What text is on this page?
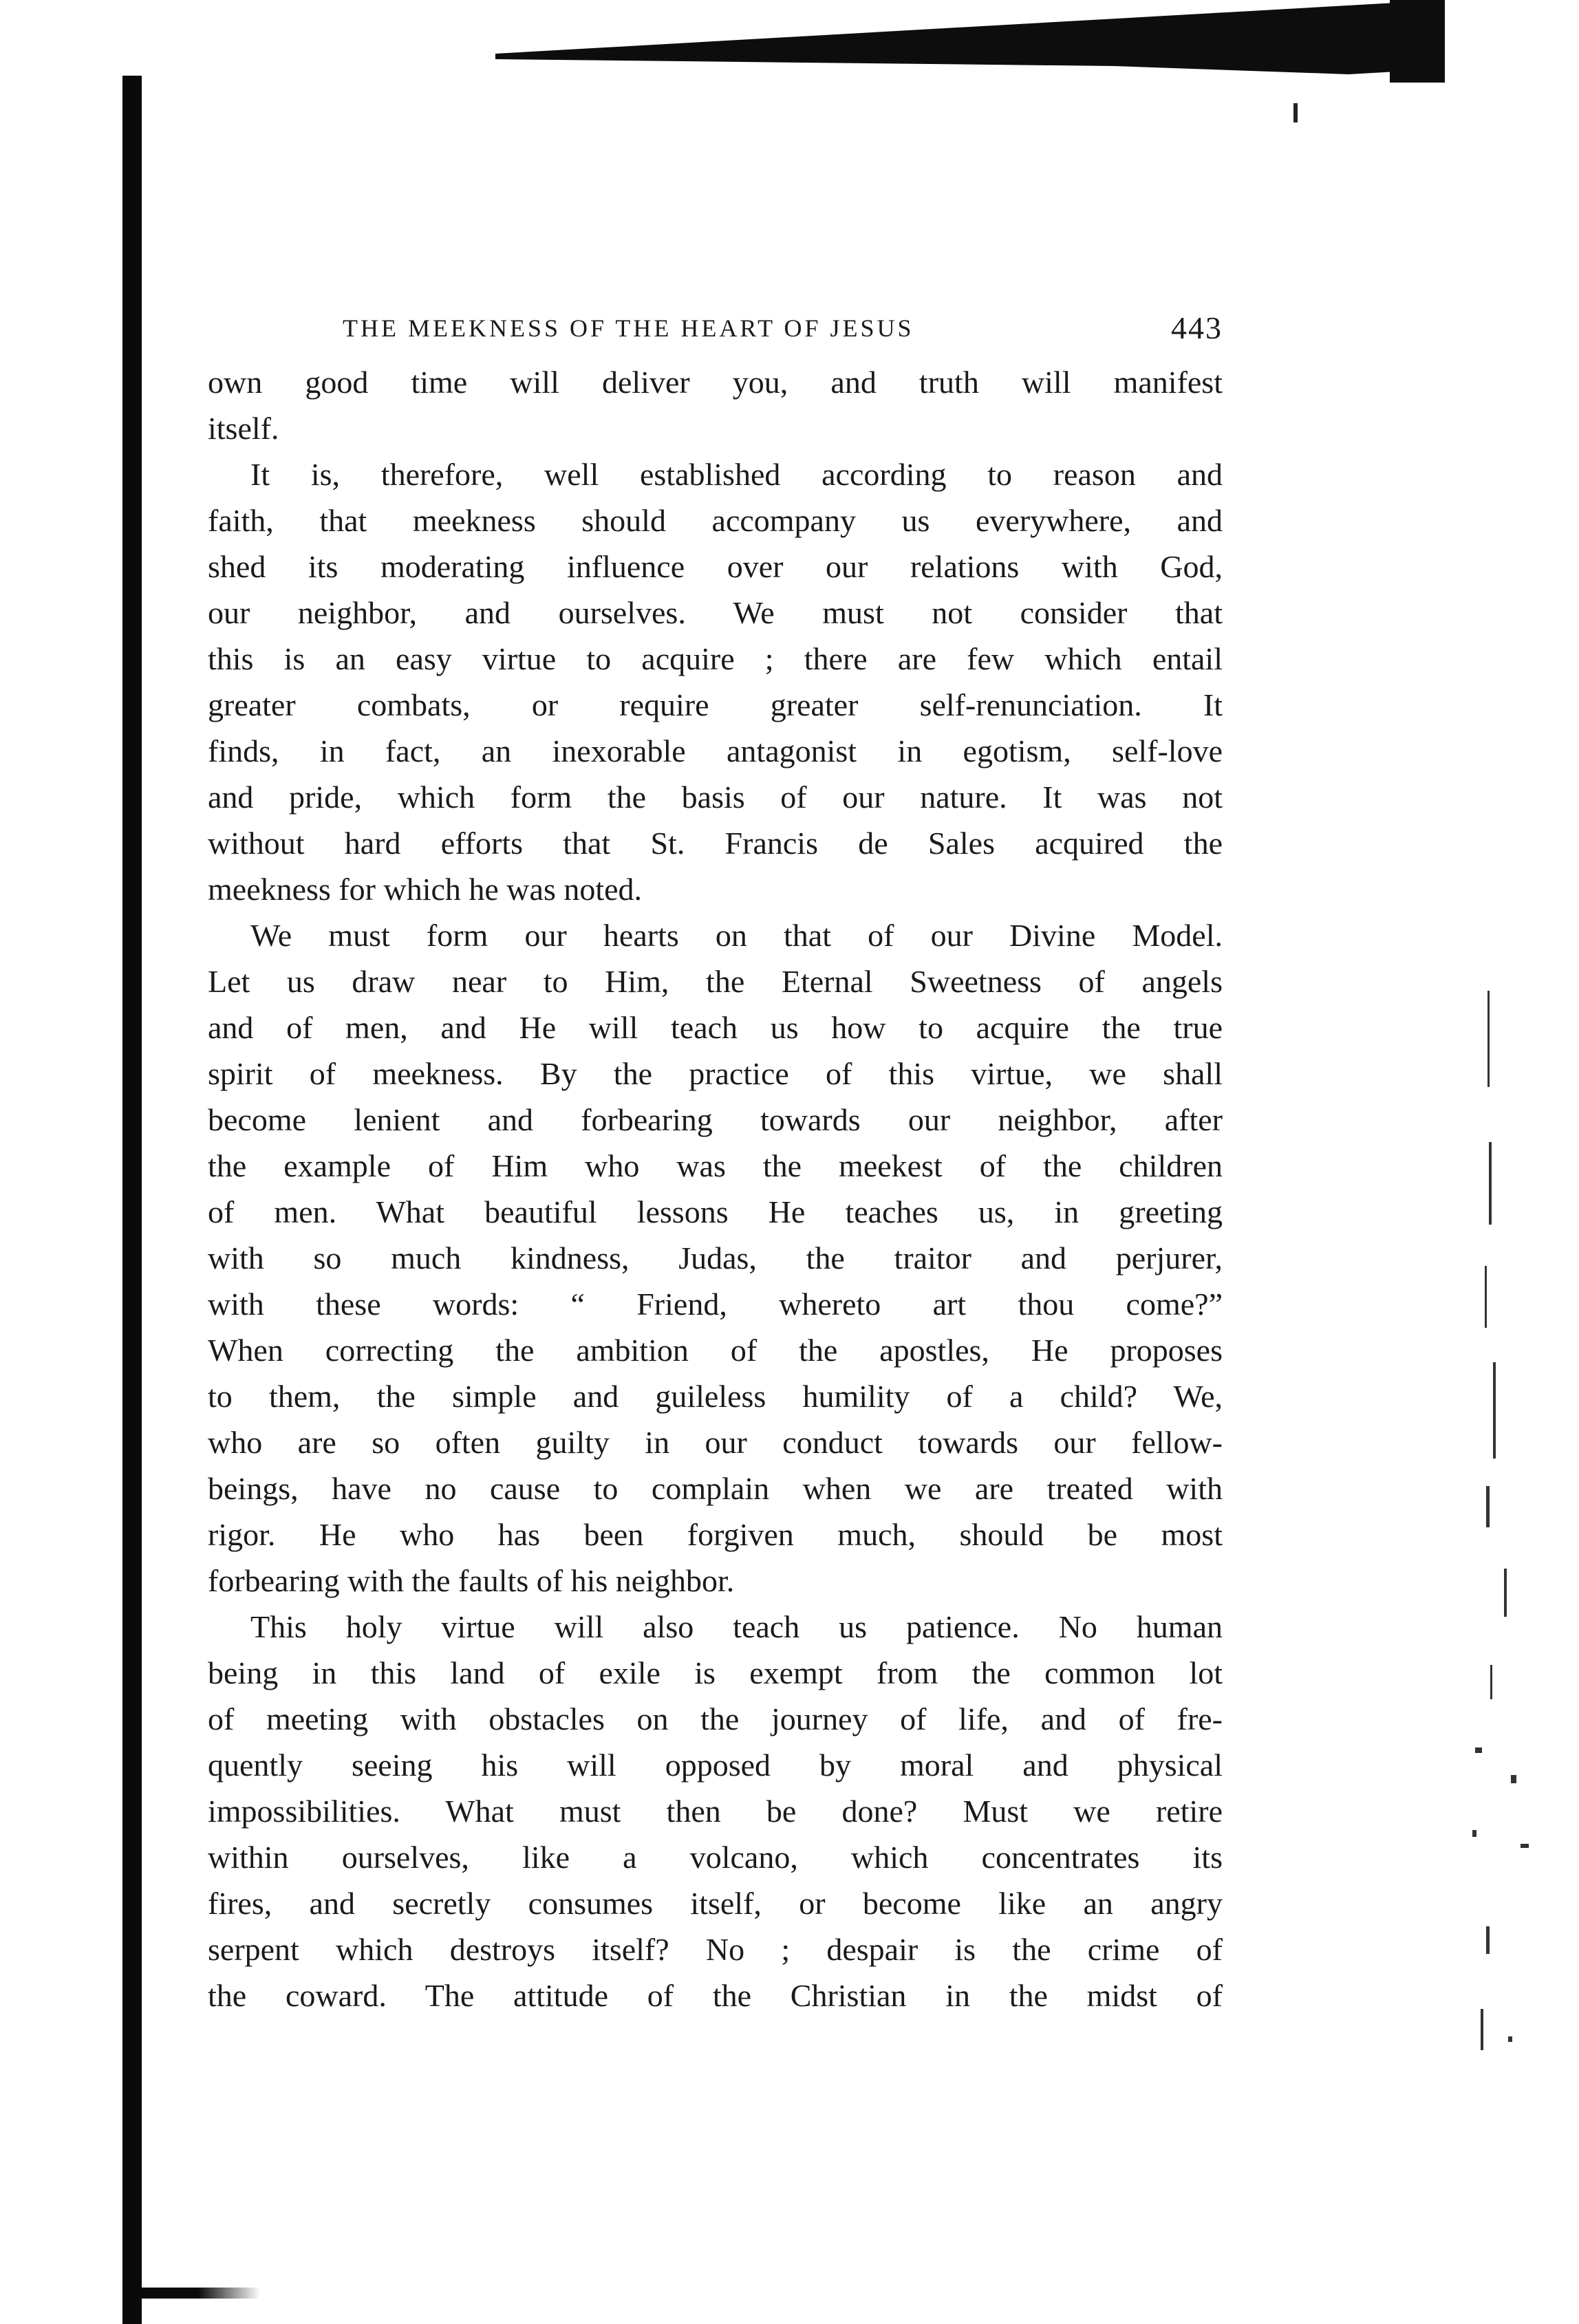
THE MEEKNESS OF THE HEART OF JESUS	443
own good time will deliver you, and truth will manifest
itself.
It is, therefore, well established according to reason and
faith, that meekness should accompany us everywhere, and
shed its moderating influence over our relations with God,
our neighbor, and ourselves. We must not consider that
this is an easy virtue to acquire ; there are few which entail
greater combats, or require greater self-renunciation. It
finds, in fact, an inexorable antagonist in egotism, self-love
and pride, which form the basis of our nature. It was not
without hard efforts that St. Francis de Sales acquired the
meekness for which he was noted.
We must form our hearts on that of our Divine Model.
Let us draw near to Him, the Eternal Sweetness of angels
and of men, and He will teach us how to acquire the true
spirit of meekness. By the practice of this virtue, we shall
become lenient and forbearing towards our neighbor, after
the example of Him who was the meekest of the children
of men. What beautiful lessons He teaches us, in greeting
with so much kindness, Judas, the traitor and perjurer,
with these words: “ Friend, whereto art thou come?”
When correcting the ambition of the apostles, He proposes
to them, the simple and guileless humility of a child? We,
who are so often guilty in our conduct towards our fellow-
beings, have no cause to complain when we are treated with
rigor. He who has been forgiven much, should be most
forbearing with the faults of his neighbor.
This holy virtue will also teach us patience. No human
being in this land of exile is exempt from the common lot
of meeting with obstacles on the journey of life, and of fre-
quently seeing his will opposed by moral and physical
impossibilities. What must then be done? Must we retire
within ourselves, like a volcano, which concentrates its
fires, and secretly consumes itself, or become like an angry
serpent which destroys itself? No ; despair is the crime of
the coward. The attitude of the Christian in the midst of
